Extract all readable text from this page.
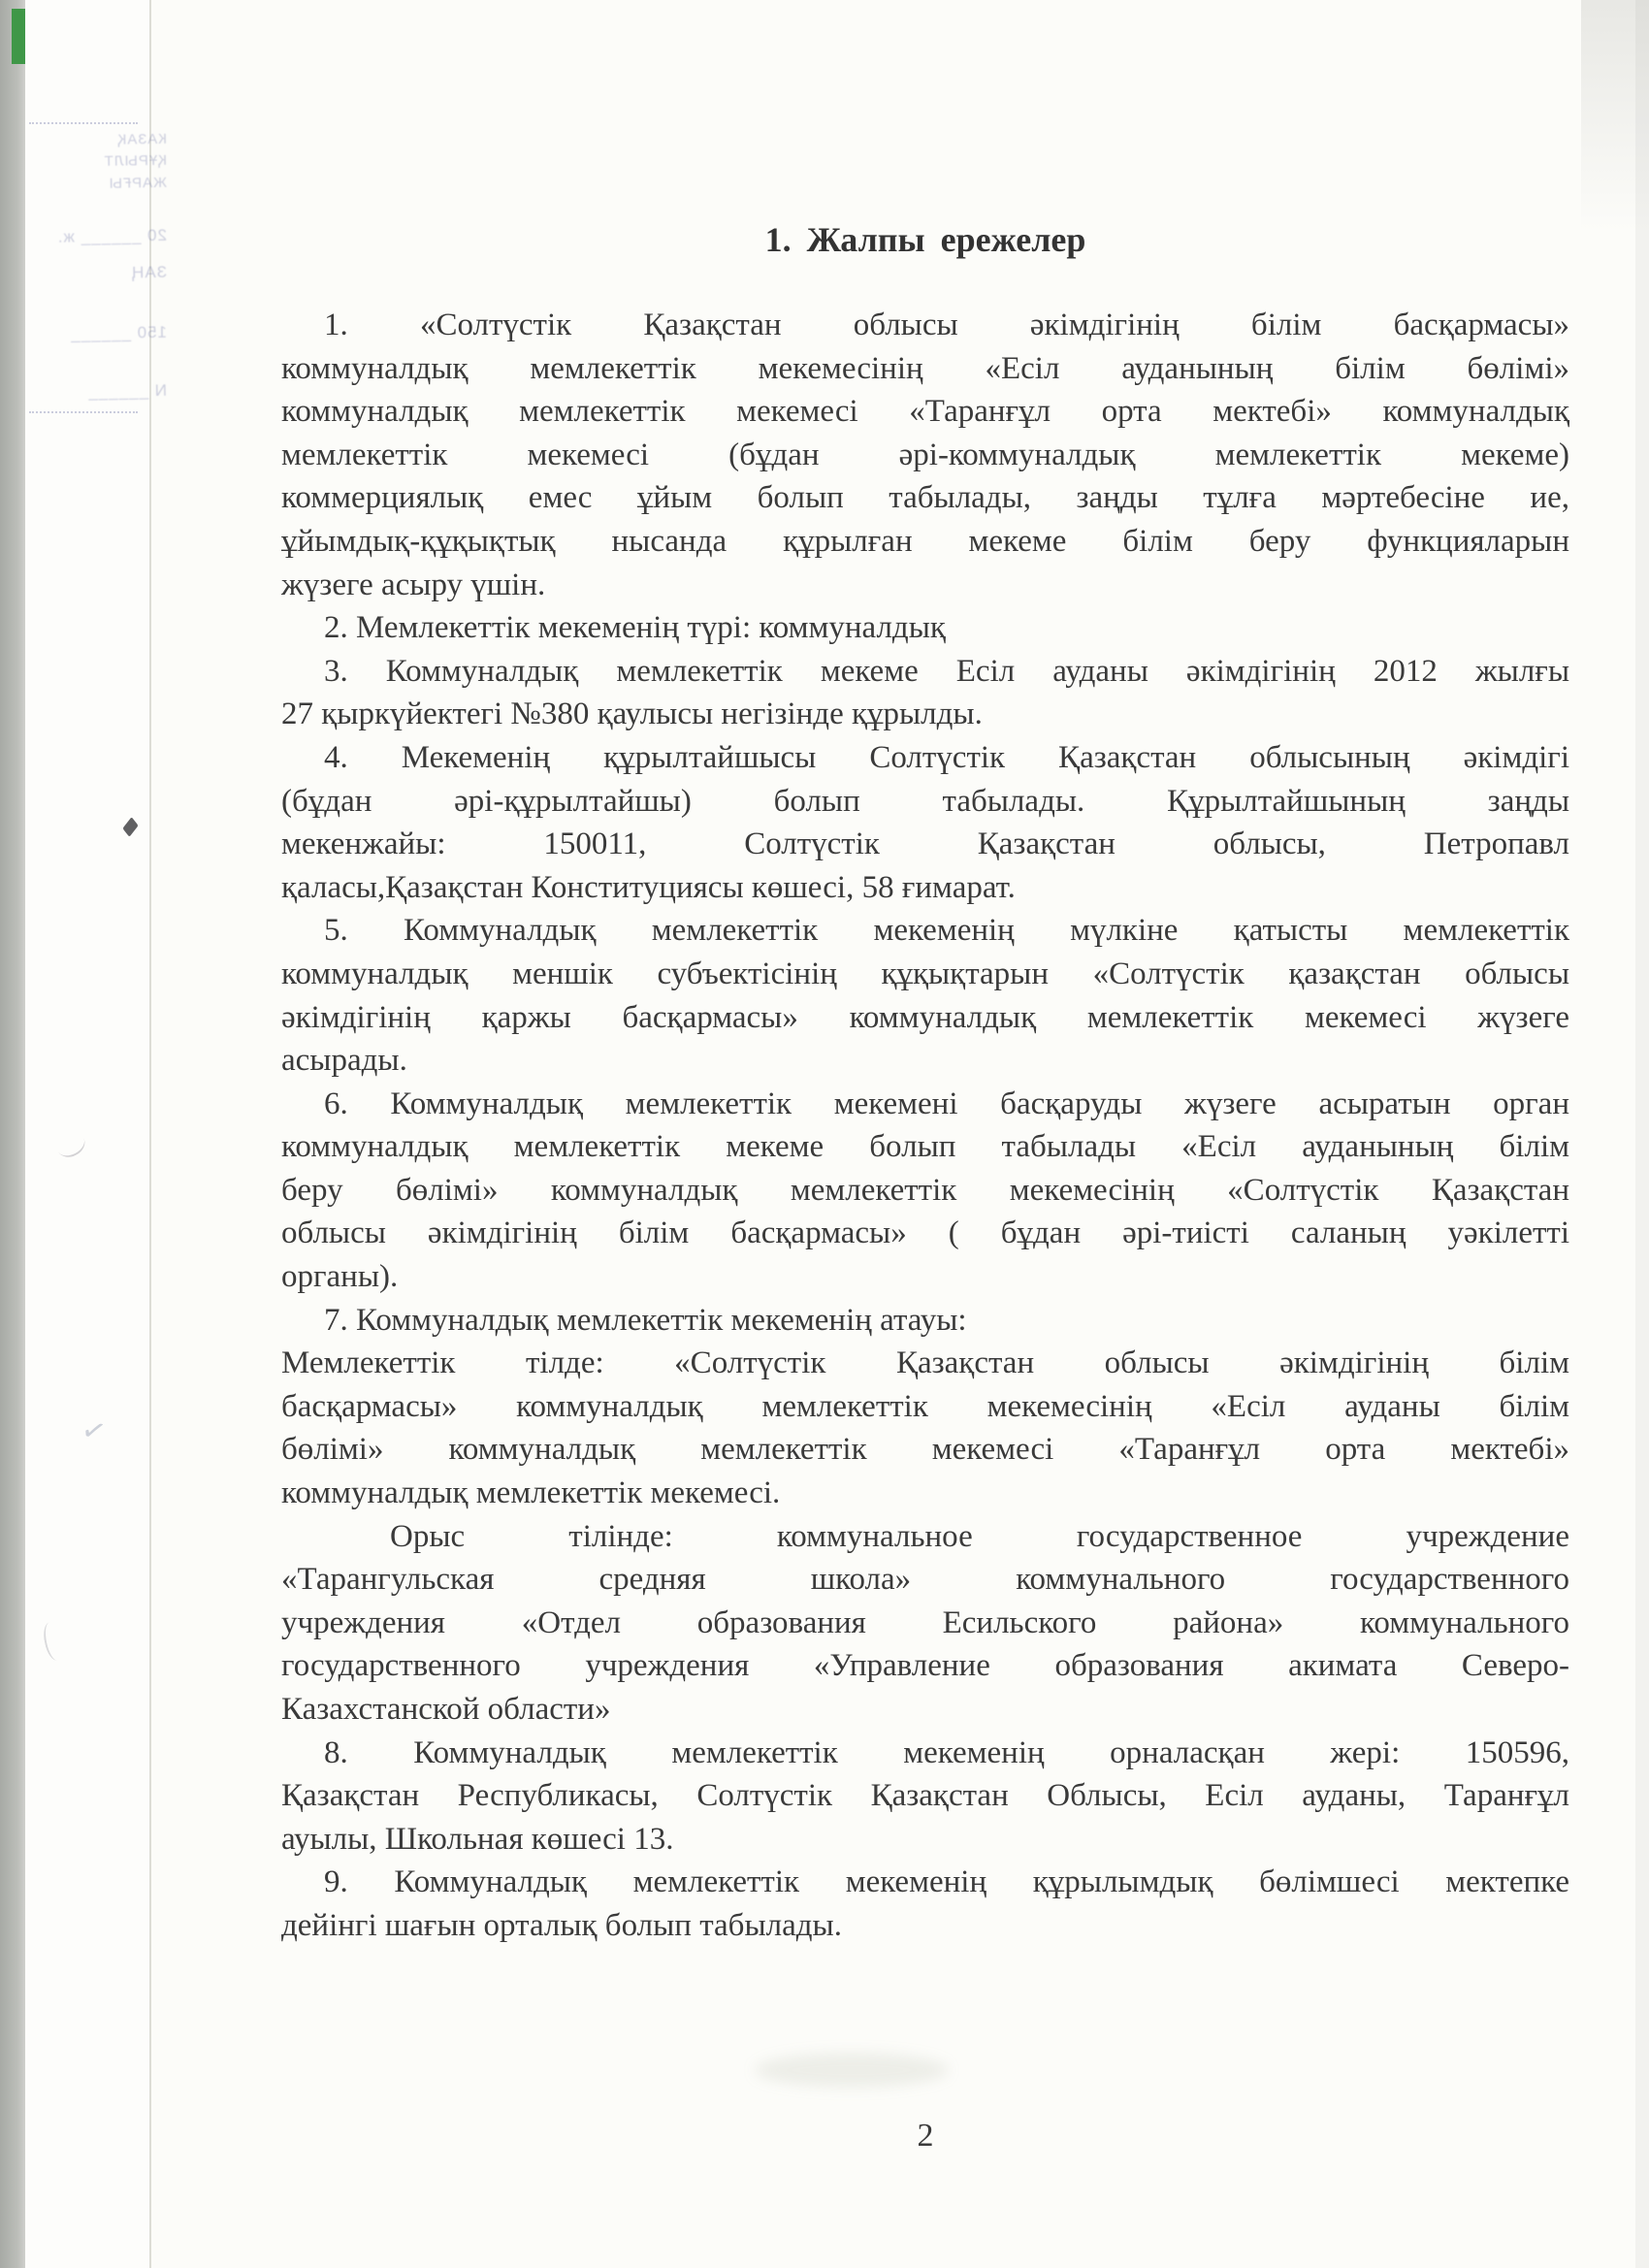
КАЗАҚ
ҚҰРЫЛТ
ЖАРҒЫ
20 ______ ж.
ЗАҢ
150 ______
N ______
✓
1. Жалпы ережелер
1. «Солтүстік Қазақстан облысы әкімдігінің білім басқармасы»
коммуналдық мемлекеттік мекемесінің «Есіл ауданының білім бөлімі»
коммуналдық мемлекеттік мекемесі «Таранғұл орта мектебі» коммуналдық
мемлекеттік мекемесі (бұдан әрі-коммуналдық мемлекеттік мекеме)
коммерциялық емес ұйым болып табылады, заңды тұлға мәртебесіне ие,
ұйымдық-құқықтық нысанда құрылған мекеме білім беру функцияларын
жүзеге асыру үшін.
2. Мемлекеттік мекеменің түрі: коммуналдық
3. Коммуналдық мемлекеттік мекеме Есіл ауданы әкімдігінің 2012 жылғы
27 қыркүйектегі №380 қаулысы негізінде құрылды.
4. Мекеменің құрылтайшысы Солтүстік Қазақстан облысының әкімдігі
(бұдан әрі-құрылтайшы) болып табылады. Құрылтайшының заңды
мекенжайы: 150011, Солтүстік Қазақстан облысы, Петропавл
қаласы,Қазақстан Конституциясы көшесі, 58 ғимарат.
5. Коммуналдық мемлекеттік мекеменің мүлкіне қатысты мемлекеттік
коммуналдық меншік субъектісінің құқықтарын «Солтүстік қазақстан облысы
әкімдігінің қаржы басқармасы» коммуналдық мемлекеттік мекемесі жүзеге
асырады.
6. Коммуналдық мемлекеттік мекемені басқаруды жүзеге асыратын орган
коммуналдық мемлекеттік мекеме болып табылады «Есіл ауданының білім
беру бөлімі» коммуналдық мемлекеттік мекемесінің «Солтүстік Қазақстан
облысы әкімдігінің білім басқармасы» ( бұдан әрі-тиісті саланың уәкілетті
органы).
7. Коммуналдық мемлекеттік мекеменің атауы:
Мемлекеттік тілде: «Солтүстік Қазақстан облысы әкімдігінің білім
басқармасы» коммуналдық мемлекеттік мекемесінің «Есіл ауданы білім
бөлімі» коммуналдық мемлекеттік мекемесі «Таранғұл орта мектебі»
коммуналдық мемлекеттік мекемесі.
Орыс тілінде: коммунальное государственное учреждение
«Тарангульская средняя школа» коммунального государственного
учреждения «Отдел образования Есильского района» коммунального
государственного учреждения «Управление образования акимата Северо-
Казахстанской области»
8. Коммуналдық мемлекеттік мекеменің орналасқан жері: 150596,
Қазақстан Республикасы, Солтүстік Қазақстан Облысы, Есіл ауданы, Таранғұл
ауылы, Школьная көшесі 13.
9. Коммуналдық мемлекеттік мекеменің құрылымдық бөлімшесі мектепке
дейінгі шағын орталық болып табылады.
2
